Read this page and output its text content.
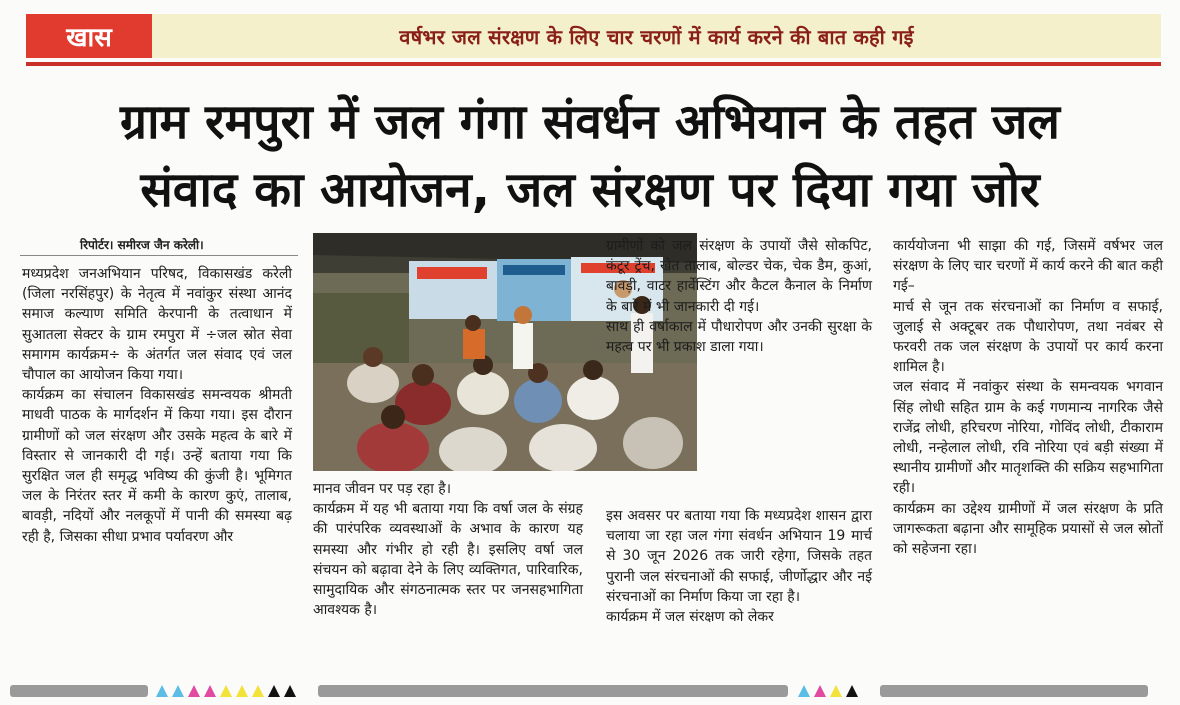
खास	वर्षभर जल संरक्षण के लिए चार चरणों में कार्य करने की बात कही गई
ग्राम रमपुरा में जल गंगा संवर्धन अभियान के तहत जल
संवाद का आयोजन, जल संरक्षण पर दिया गया जोर
रिपोर्टर। समीरज जैन करेली।

मध्यप्रदेश जनअभियान परिषद, विकासखंड करेली (जिला नरसिंहपुर) के नेतृत्व में नवांकुर संस्था आनंद समाज कल्याण समिति केरपानी के तत्वाधान में सुआतला सेक्टर के ग्राम रमपुरा में ÷जल स्रोत सेवा समागम कार्यक्रम÷ के अंतर्गत जल संवाद एवं जल चौपाल का आयोजन किया गया।

कार्यक्रम का संचालन विकासखंड समन्वयक श्रीमती माधवी पाठक के मार्गदर्शन में किया गया। इस दौरान ग्रामीणों को जल संरक्षण और उसके महत्व के बारे में विस्तार से जानकारी दी गई। उन्हें बताया गया कि सुरक्षित जल ही समृद्ध भविष्य की कुंजी है। भूमिगत जल के निरंतर स्तर में कमी के कारण कुएं, तालाब, बावड़ी, नदियों और नलकूपों में पानी की समस्या बढ़ रही है, जिसका सीधा प्रभाव पर्यावरण और

मानव जीवन पर पड़ रहा है।

कार्यक्रम में यह भी बताया गया कि वर्षा जल के संग्रह की पारंपरिक व्यवस्थाओं के अभाव के कारण यह समस्या और गंभीर हो रही है। इसलिए वर्षा जल संचयन को बढ़ावा देने के लिए व्यक्तिगत, पारिवारिक, सामुदायिक और संगठनात्मक स्तर पर जनसहभागिता आवश्यक है।

ग्रामीणों को जल संरक्षण के उपायों जैसे सोकपिट, कंटूर ट्रेंच, खेत तालाब, बोल्डर चेक, चेक डैम, कुआं, बावड़ी, वाटर हार्वेस्टिंग और कैटल कैनाल के निर्माण के बारे में भी जानकारी दी गई।

साथ ही वर्षाकाल में पौधारोपण और उनकी सुरक्षा के महत्व पर भी प्रकाश डाला गया।

इस अवसर पर बताया गया कि मध्यप्रदेश शासन द्वारा चलाया जा रहा जल गंगा संवर्धन अभियान 19 मार्च से 30 जून 2026 तक जारी रहेगा, जिसके तहत पुरानी जल संरचनाओं की सफाई, जीर्णोद्धार और नई संरचनाओं का निर्माण किया जा रहा है।

कार्यक्रम में जल संरक्षण को लेकर

कार्ययोजना भी साझा की गई, जिसमें वर्षभर जल संरक्षण के लिए चार चरणों में कार्य करने की बात कही गई–

मार्च से जून तक संरचनाओं का निर्माण व सफाई, जुलाई से अक्टूबर तक पौधारोपण, तथा नवंबर से फरवरी तक जल संरक्षण के उपायों पर कार्य करना शामिल है।

जल संवाद में नवांकुर संस्था के समन्वयक भगवान सिंह लोधी सहित ग्राम के कई गणमान्य नागरिक जैसे राजेंद्र लोधी, हरिचरण नोरिया, गोविंद लोधी, टीकाराम लोधी, नन्हेलाल लोधी, रवि नोरिया एवं बड़ी संख्या में स्थानीय ग्रामीणों और मातृशक्ति की सक्रिय सहभागिता रही।

कार्यक्रम का उद्देश्य ग्रामीणों में जल संरक्षण के प्रति जागरूकता बढ़ाना और सामूहिक प्रयासों से जल स्रोतों को सहेजना रहा।
